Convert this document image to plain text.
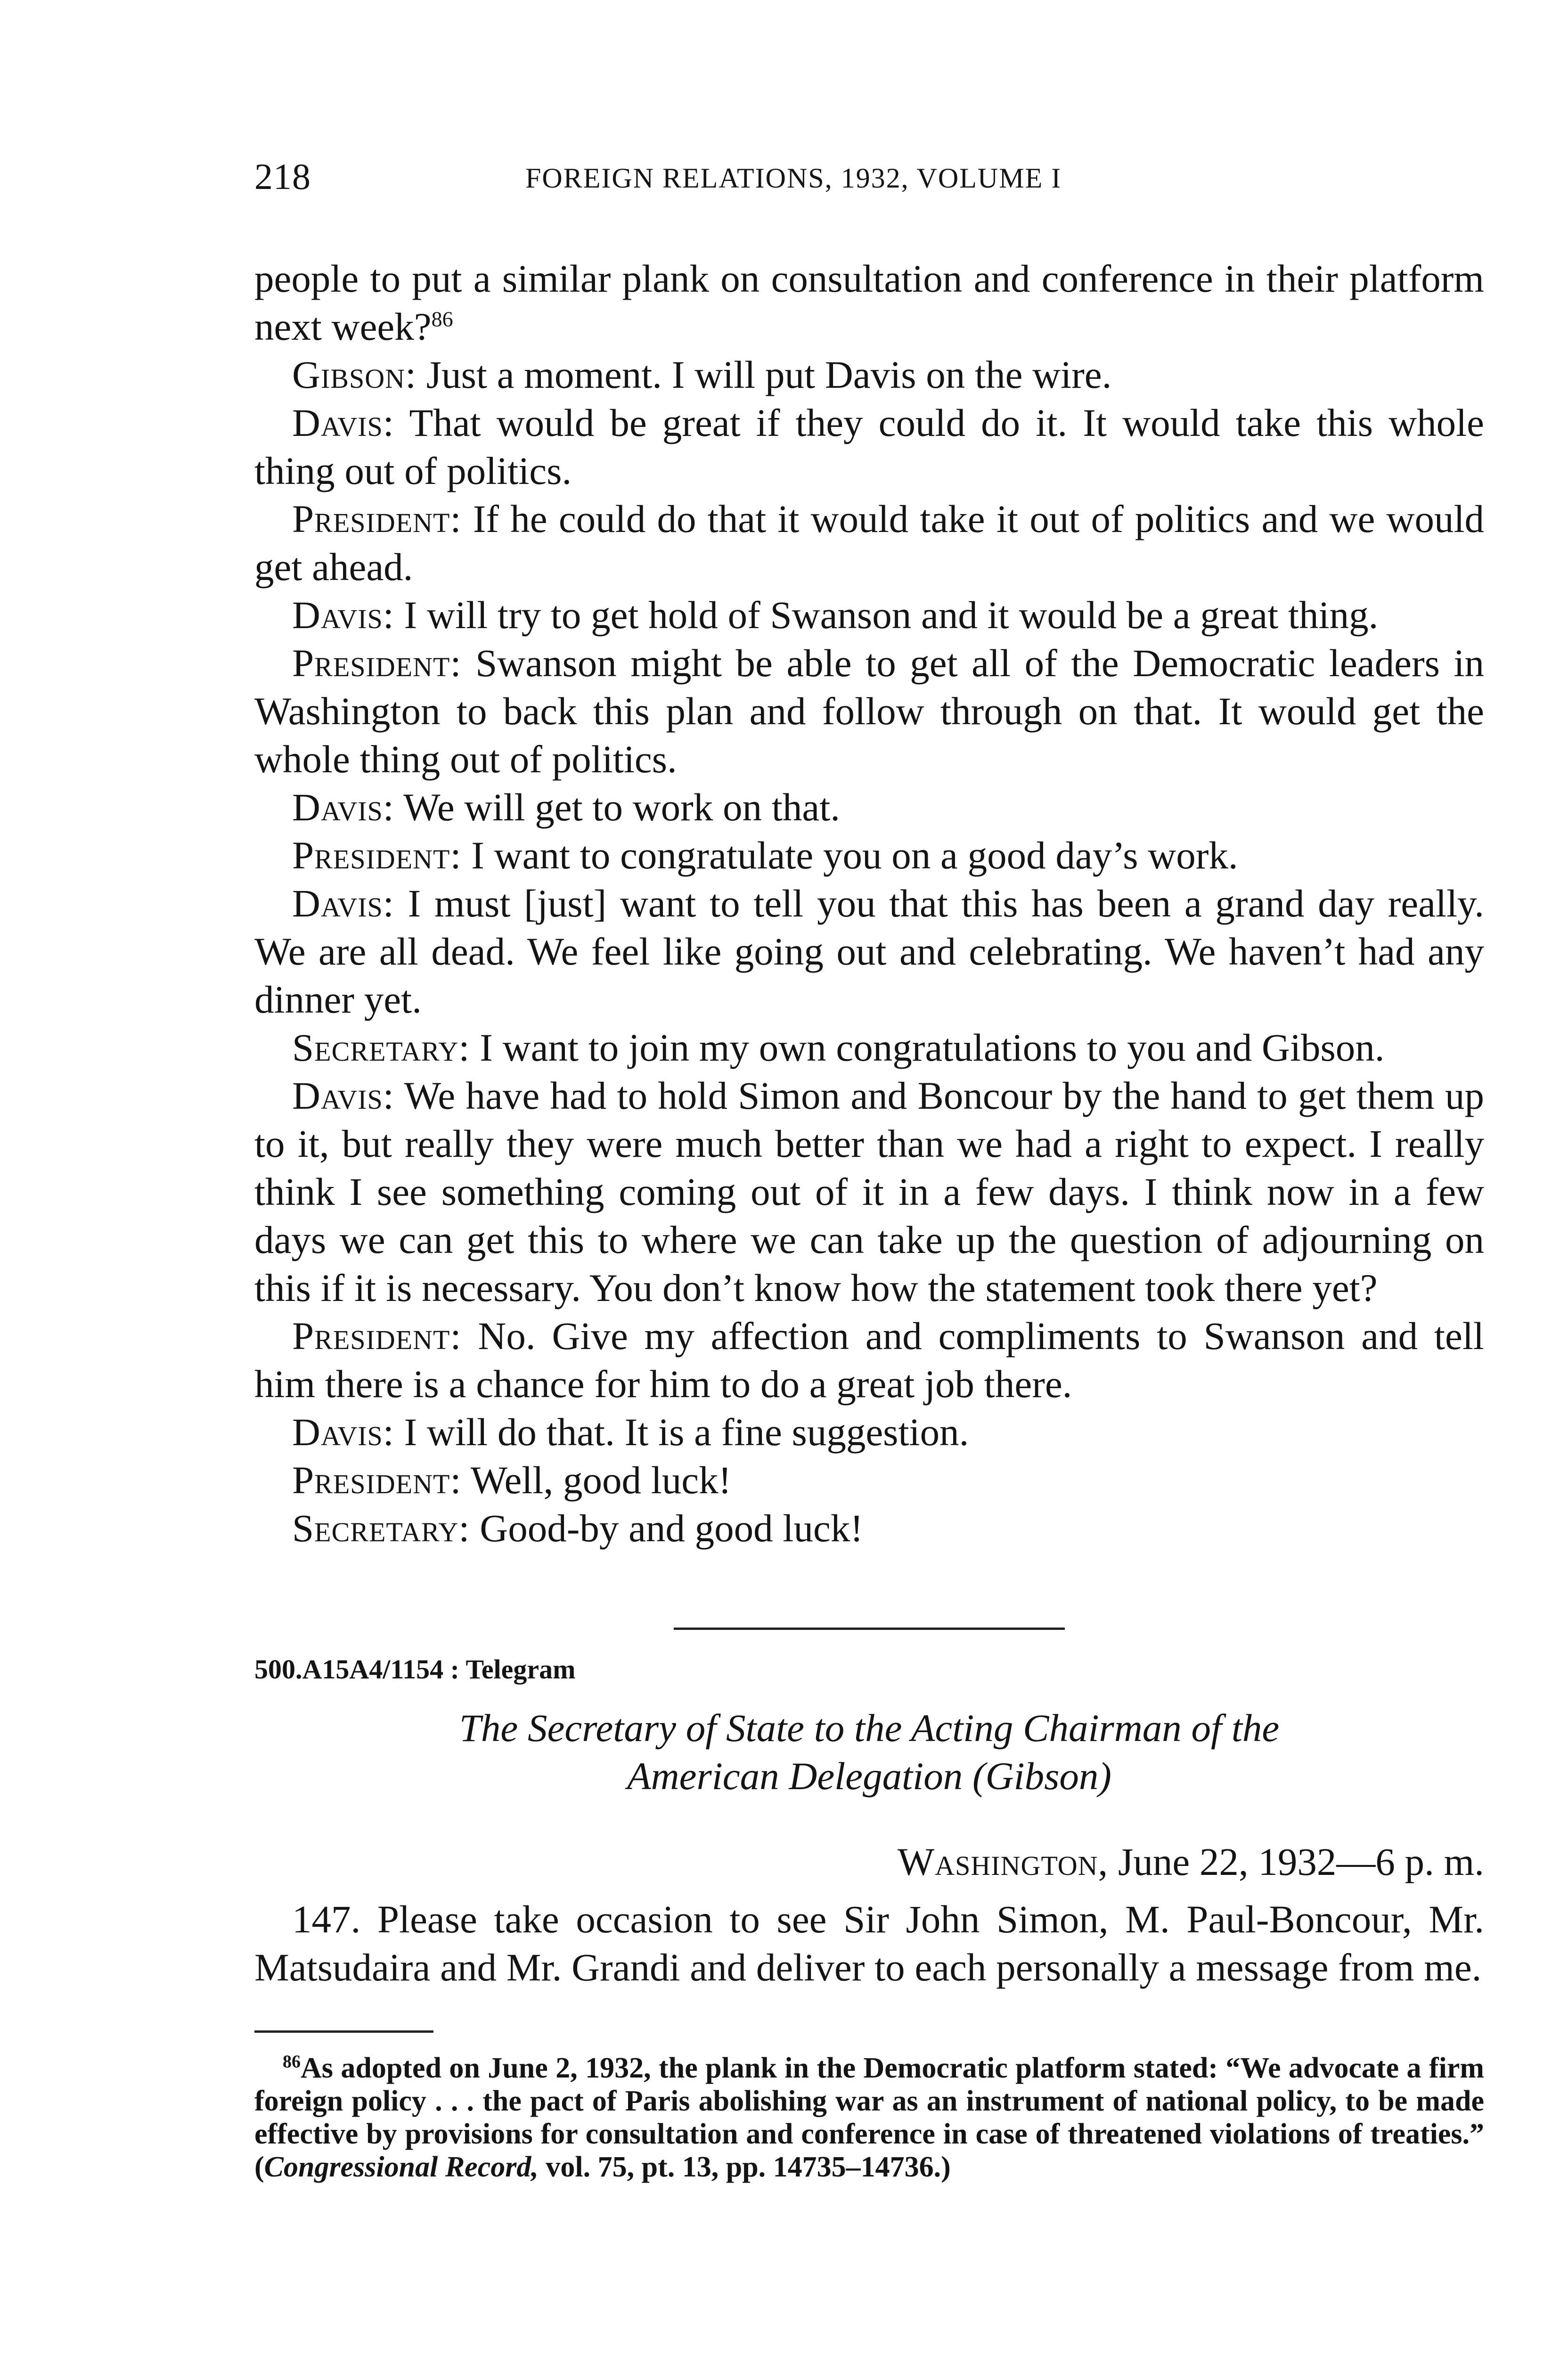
218	FOREIGN RELATIONS, 1932, VOLUME I

people to put a similar plank on consultation and conference in their platform next week?$^{86}$

Gibson: Just a moment. I will put Davis on the wire.

Davis: That would be great if they could do it. It would take this whole thing out of politics.

President: If he could do that it would take it out of politics and we would get ahead.

Davis: I will try to get hold of Swanson and it would be a great thing.

President: Swanson might be able to get all of the Democratic leaders in Washington to back this plan and follow through on that. It would get the whole thing out of politics.

Davis: We will get to work on that.

President: I want to congratulate you on a good day’s work.

Davis: I must [just] want to tell you that this has been a grand day really. We are all dead. We feel like going out and celebrating. We haven’t had any dinner yet.

Secretary: I want to join my own congratulations to you and Gibson.

Davis: We have had to hold Simon and Boncour by the hand to get them up to it, but really they were much better than we had a right to expect. I really think I see something coming out of it in a few days. I think now in a few days we can get this to where we can take up the question of adjourning on this if it is necessary. You don’t know how the statement took there yet?

President: No. Give my affection and compliments to Swanson and tell him there is a chance for him to do a great job there.

Davis: I will do that. It is a fine suggestion.

President: Well, good luck!

Secretary: Good-by and good luck!

500.A15A4/1154 : Telegram
The Secretary of State to the Acting Chairman of the
American Delegation (Gibson)
Washington, June 22, 1932—6 p. m.

147. Please take occasion to see Sir John Simon, M. Paul-Boncour, Mr. Matsudaira and Mr. Grandi and deliver to each personally a message from me.

$^{86}$As adopted on June 2, 1932, the plank in the Democratic platform stated: “We advocate a firm foreign policy . . . the pact of Paris abolishing war as an instrument of national policy, to be made effective by provisions for consultation and conference in case of threatened violations of treaties.” (Congressional Record, vol. 75, pt. 13, pp. 14735–14736.)
